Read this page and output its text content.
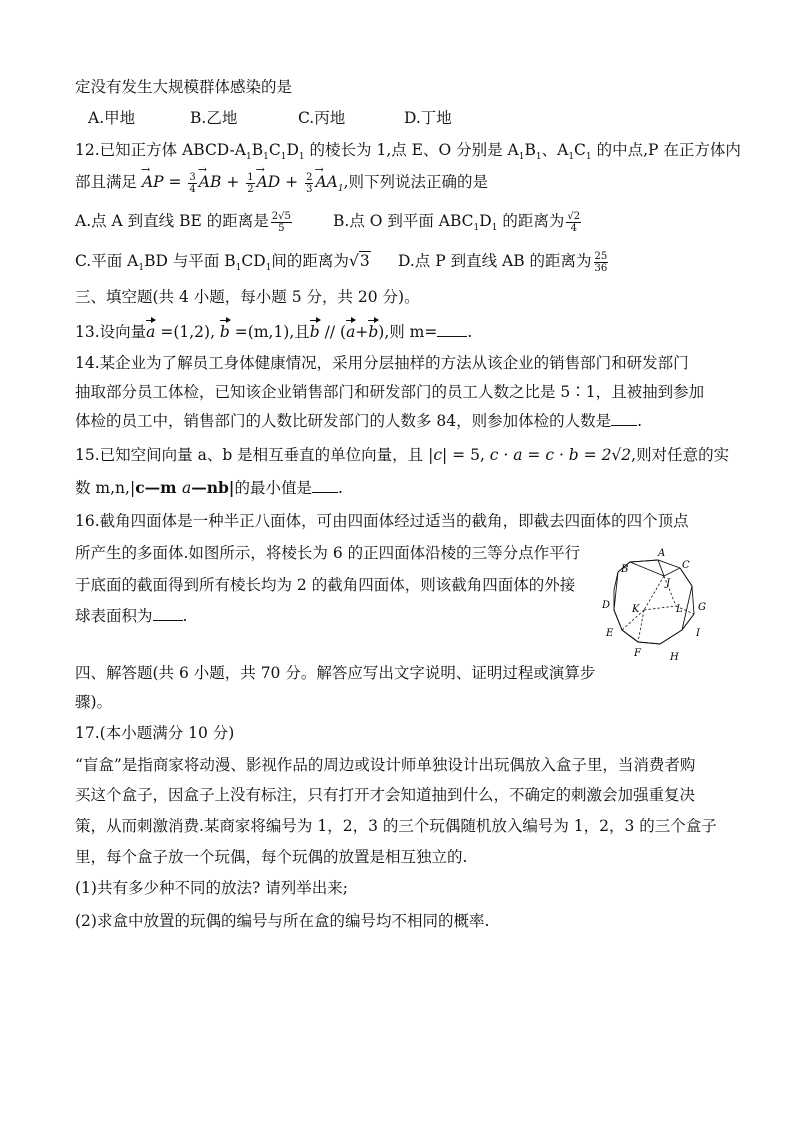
定没有发生大规模群体感染的是
A.甲地	B.乙地	C.丙地	D.丁地
12.已知正方体 ABCD-$A_1B_1C_1D_1$ 的棱长为 1,点 E、O 分别是 $A_1B_1$、$A_1C_1$ 的中点,P 在正方体内
部且满足 → AP = $\frac{3}{4}$
→ AB + $\frac{1}{2}$
→ AD + $\frac{2}{3}$
→ $AA_1$,则下列说法正确的是
A.点 A 到直线 BE 的距离是 $\frac{2√5}{5}$	B.点 O 到平面 $ABC_1D_1$ 的距离为 $\frac{√2}{4}$
C.平面 $A_1BD$ 与平面 $B_1CD_1$间的距离为√3 D.点 P 到直线 AB 的距离为 $\frac{25}{36}$
三、填空题(共 4 小题，每小题 5 分，共 20 分)。
13.设向量a =(1,2), b =(m,1),且b // (a+b),则 m= .
14.某企业为了解员工身体健康情况，采用分层抽样的方法从该企业的销售部门和研发部门
抽取部分员工体检，已知该企业销售部门和研发部门的员工人数之比是 5∶1，且被抽到参加
体检的员工中，销售部门的人数比研发部门的人数多 84，则参加体检的人数是 .
15.已知空间向量 a、b 是相互垂直的单位向量，且 |c| = 5, c · a = c · b = 2√2,则对任意的实
数 m,n,|c—m a—nb|的最小值是 .
16.截角四面体是一种半正八面体，可由四面体经过适当的截角，即截去四面体的四个顶点
所产生的多面体.如图所示，将棱长为 6 的正四面体沿棱的三等分点作平行
于底面的截面得到所有棱长均为 2 的截角四面体，则该截角四面体的外接
球表面积为 .
A
B	C
J
D K	L G
E	I
F	H
四、解答题(共 6 小题，共 70 分。解答应写出文字说明、证明过程或演算步
骤)。
17.(本小题满分 10 分)
“盲盒”是指商家将动漫、影视作品的周边或设计师单独设计出玩偶放入盒子里，当消费者购
买这个盒子，因盒子上没有标注，只有打开才会知道抽到什么，不确定的刺激会加强重复决
策，从而刺激消费.某商家将编号为 1，2，3 的三个玩偶随机放入编号为 1，2，3 的三个盒子
里，每个盒子放一个玩偶，每个玩偶的放置是相互独立的.
(1)共有多少种不同的放法? 请列举出来;
(2)求盒中放置的玩偶的编号与所在盒的编号均不相同的概率.
